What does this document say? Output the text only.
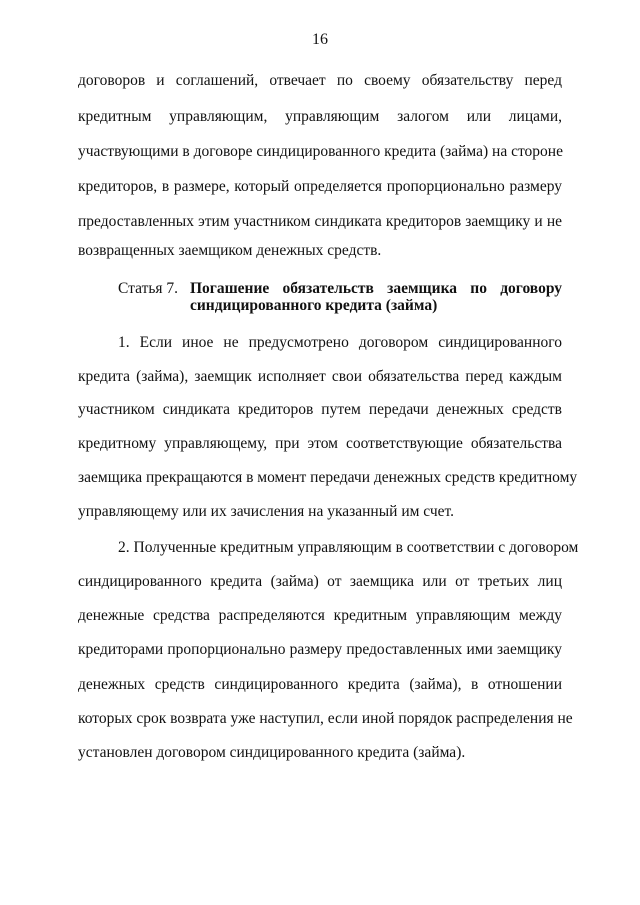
16
договоров и соглашений, отвечает по своему обязательству перед
кредитным управляющим, управляющим залогом или лицами,
участвующими в договоре синдицированного кредита (займа) на стороне
кредиторов, в размере, который определяется пропорционально размеру
предоставленных этим участником синдиката кредиторов заемщику и не
возвращенных заемщиком денежных средств.
Статья 7. Погашение обязательств заемщика по договору
синдицированного кредита (займа)
1. Если иное не предусмотрено договором синдицированного
кредита (займа), заемщик исполняет свои обязательства перед каждым
участником синдиката кредиторов путем передачи денежных средств
кредитному управляющему, при этом соответствующие обязательства
заемщика прекращаются в момент передачи денежных средств кредитному
управляющему или их зачисления на указанный им счет.
2. Полученные кредитным управляющим в соответствии с договором
синдицированного кредита (займа) от заемщика или от третьих лиц
денежные средства распределяются кредитным управляющим между
кредиторами пропорционально размеру предоставленных ими заемщику
денежных средств синдицированного кредита (займа), в отношении
которых срок возврата уже наступил, если иной порядок распределения не
установлен договором синдицированного кредита (займа).
